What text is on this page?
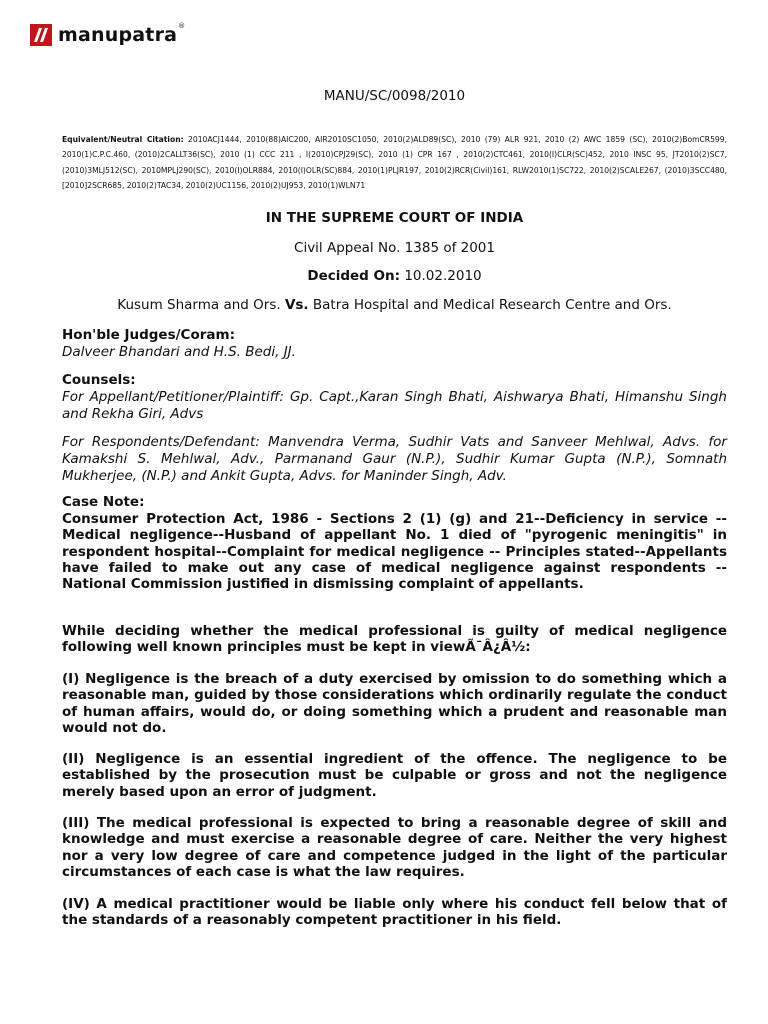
manupatra®
MANU/SC/0098/2010
Equivalent/Neutral Citation: 2010ACJ1444, 2010(88)AIC200, AIR2010SC1050, 2010(2)ALD89(SC), 2010 (79) ALR 921, 2010 (2) AWC 1859 (SC), 2010(2)BomCR599, 2010(1)C.P.C.460, (2010)2CALLT36(SC), 2010 (1) CCC 211 , I(2010)CPJ29(SC), 2010 (1) CPR 167 , 2010(2)CTC461, 2010(I)CLR(SC)452, 2010 INSC 95, JT2010(2)SC7, (2010)3MLJ512(SC), 2010MPLJ290(SC), 2010(I)OLR884, 2010(I)OLR(SC)884, 2010(1)PLJR197, 2010(2)RCR(Civil)161, RLW2010(1)SC722, 2010(2)SCALE267, (2010)3SCC480, [2010]2SCR685, 2010(2)TAC34, 2010(2)UC1156, 2010(2)UJ953, 2010(1)WLN71
IN THE SUPREME COURT OF INDIA
Civil Appeal No. 1385 of 2001
Decided On: 10.02.2010
Kusum Sharma and Ors. Vs. Batra Hospital and Medical Research Centre and Ors.

Hon'ble Judges/Coram:

Dalveer Bhandari and H.S. Bedi, JJ.

Counsels:

For Appellant/Petitioner/Plaintiff: Gp. Capt.,Karan Singh Bhati, Aishwarya Bhati, Himanshu Singh and Rekha Giri, Advs

For Respondents/Defendant: Manvendra Verma, Sudhir Vats and Sanveer Mehlwal, Advs. for Kamakshi S. Mehlwal, Adv., Parmanand Gaur (N.P.), Sudhir Kumar Gupta (N.P.), Somnath Mukherjee, (N.P.) and Ankit Gupta, Advs. for Maninder Singh, Adv.

Case Note:

Consumer Protection Act, 1986 - Sections 2 (1) (g) and 21--Deficiency in service -- Medical negligence--Husband of appellant No. 1 died of "pyrogenic meningitis" in respondent hospital--Complaint for medical negligence -- Principles stated--Appellants have failed to make out any case of medical negligence against respondents -- National Commission justified in dismissing complaint of appellants.

While deciding whether the medical professional is guilty of medical negligence following well known principles must be kept in viewÃ¯Â¿Â½:

(I) Negligence is the breach of a duty exercised by omission to do something which a reasonable man, guided by those considerations which ordinarily regulate the conduct of human affairs, would do, or doing something which a prudent and reasonable man would not do.

(II) Negligence is an essential ingredient of the offence. The negligence to be established by the prosecution must be culpable or gross and not the negligence merely based upon an error of judgment.

(III) The medical professional is expected to bring a reasonable degree of skill and knowledge and must exercise a reasonable degree of care. Neither the very highest nor a very low degree of care and competence judged in the light of the particular circumstances of each case is what the law requires.

(IV) A medical practitioner would be liable only where his conduct fell below that of the standards of a reasonably competent practitioner in his field.
